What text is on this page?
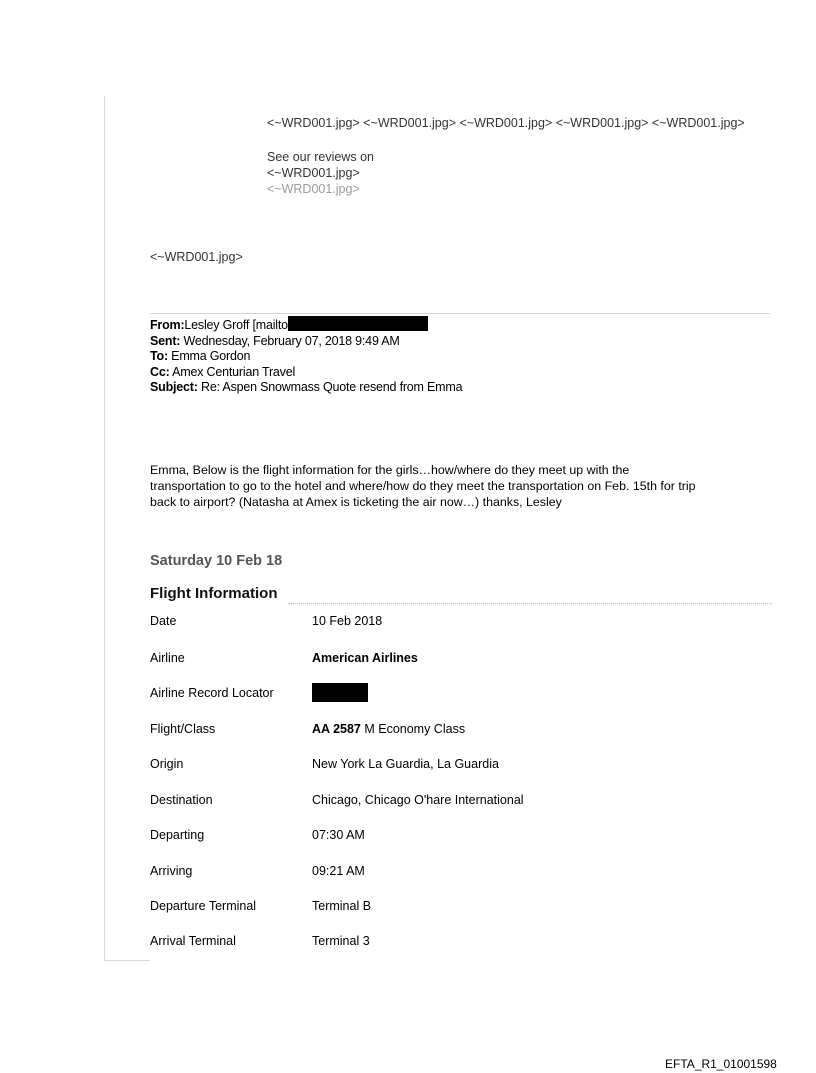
<~WRD001.jpg> <~WRD001.jpg> <~WRD001.jpg> <~WRD001.jpg> <~WRD001.jpg>
See our reviews on
<~WRD001.jpg>
<~WRD001.jpg>
<~WRD001.jpg>
From:Lesley Groff [mailto
Sent: Wednesday, February 07, 2018 9:49 AM
To: Emma Gordon
Cc: Amex Centurian Travel
Subject: Re: Aspen Snowmass Quote resend from Emma
Emma, Below is the flight information for the girls…how/where do they meet up with the
transportation to go to the hotel and where/how do they meet the transportation on Feb. 15th for trip
back to airport? (Natasha at Amex is ticketing the air now…) thanks, Lesley
Saturday 10 Feb 18
Flight Information
Date	10 Feb 2018
Airline	American Airlines
Airline Record Locator
Flight/Class	AA 2587 M Economy Class
Origin	New York La Guardia, La Guardia
Destination	Chicago, Chicago O'hare International
Departing	07:30 AM
Arriving	09:21 AM
Departure Terminal	Terminal B
Arrival Terminal	Terminal 3
EFTA_R1_01001598
